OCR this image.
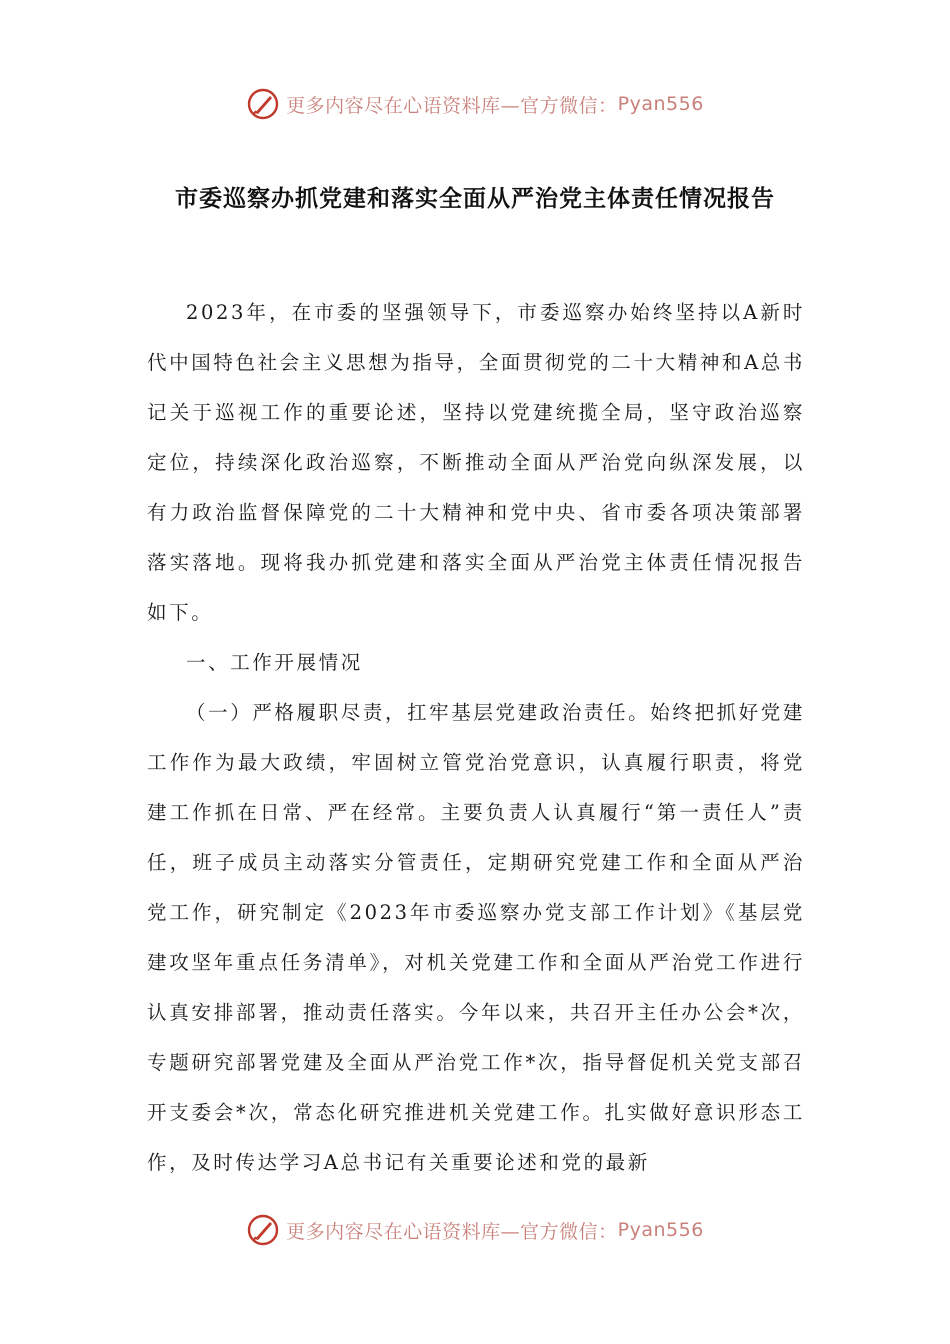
更多内容尽在心语资料库—官方微信： Pyan556
市委巡察办抓党建和落实全面从严治党主体责任情况报告

2023年，在市委的坚强领导下，市委巡察办始终坚持以A新时代中国特色社会主义思想为指导，全面贯彻党的二十大精神和A总书记关于巡视工作的重要论述，坚持以党建统揽全局，坚守政治巡察定位，持续深化政治巡察，不断推动全面从严治党向纵深发展，以有力政治监督保障党的二十大精神和党中央、省市委各项决策部署落实落地。现将我办抓党建和落实全面从严治党主体责任情况报告如下。

一、工作开展情况

（一）严格履职尽责，扛牢基层党建政治责任。始终把抓好党建工作作为最大政绩，牢固树立管党治党意识，认真履行职责，将党建工作抓在日常、严在经常。主要负责人认真履行“第一责任人”责任，班子成员主动落实分管责任，定期研究党建工作和全面从严治党工作，研究制定《2023年市委巡察办党支部工作计划》《基层党建攻坚年重点任务清单》，对机关党建工作和全面从严治党工作进行认真安排部署，推动责任落实。今年以来，共召开主任办公会*次，专题研究部署党建及全面从严治党工作*次，指导督促机关党支部召开支委会*次，常态化研究推进机关党建工作。扎实做好意识形态工作，及时传达学习A总书记有关重要论述和党的最新

更多内容尽在心语资料库—官方微信： Pyan556
